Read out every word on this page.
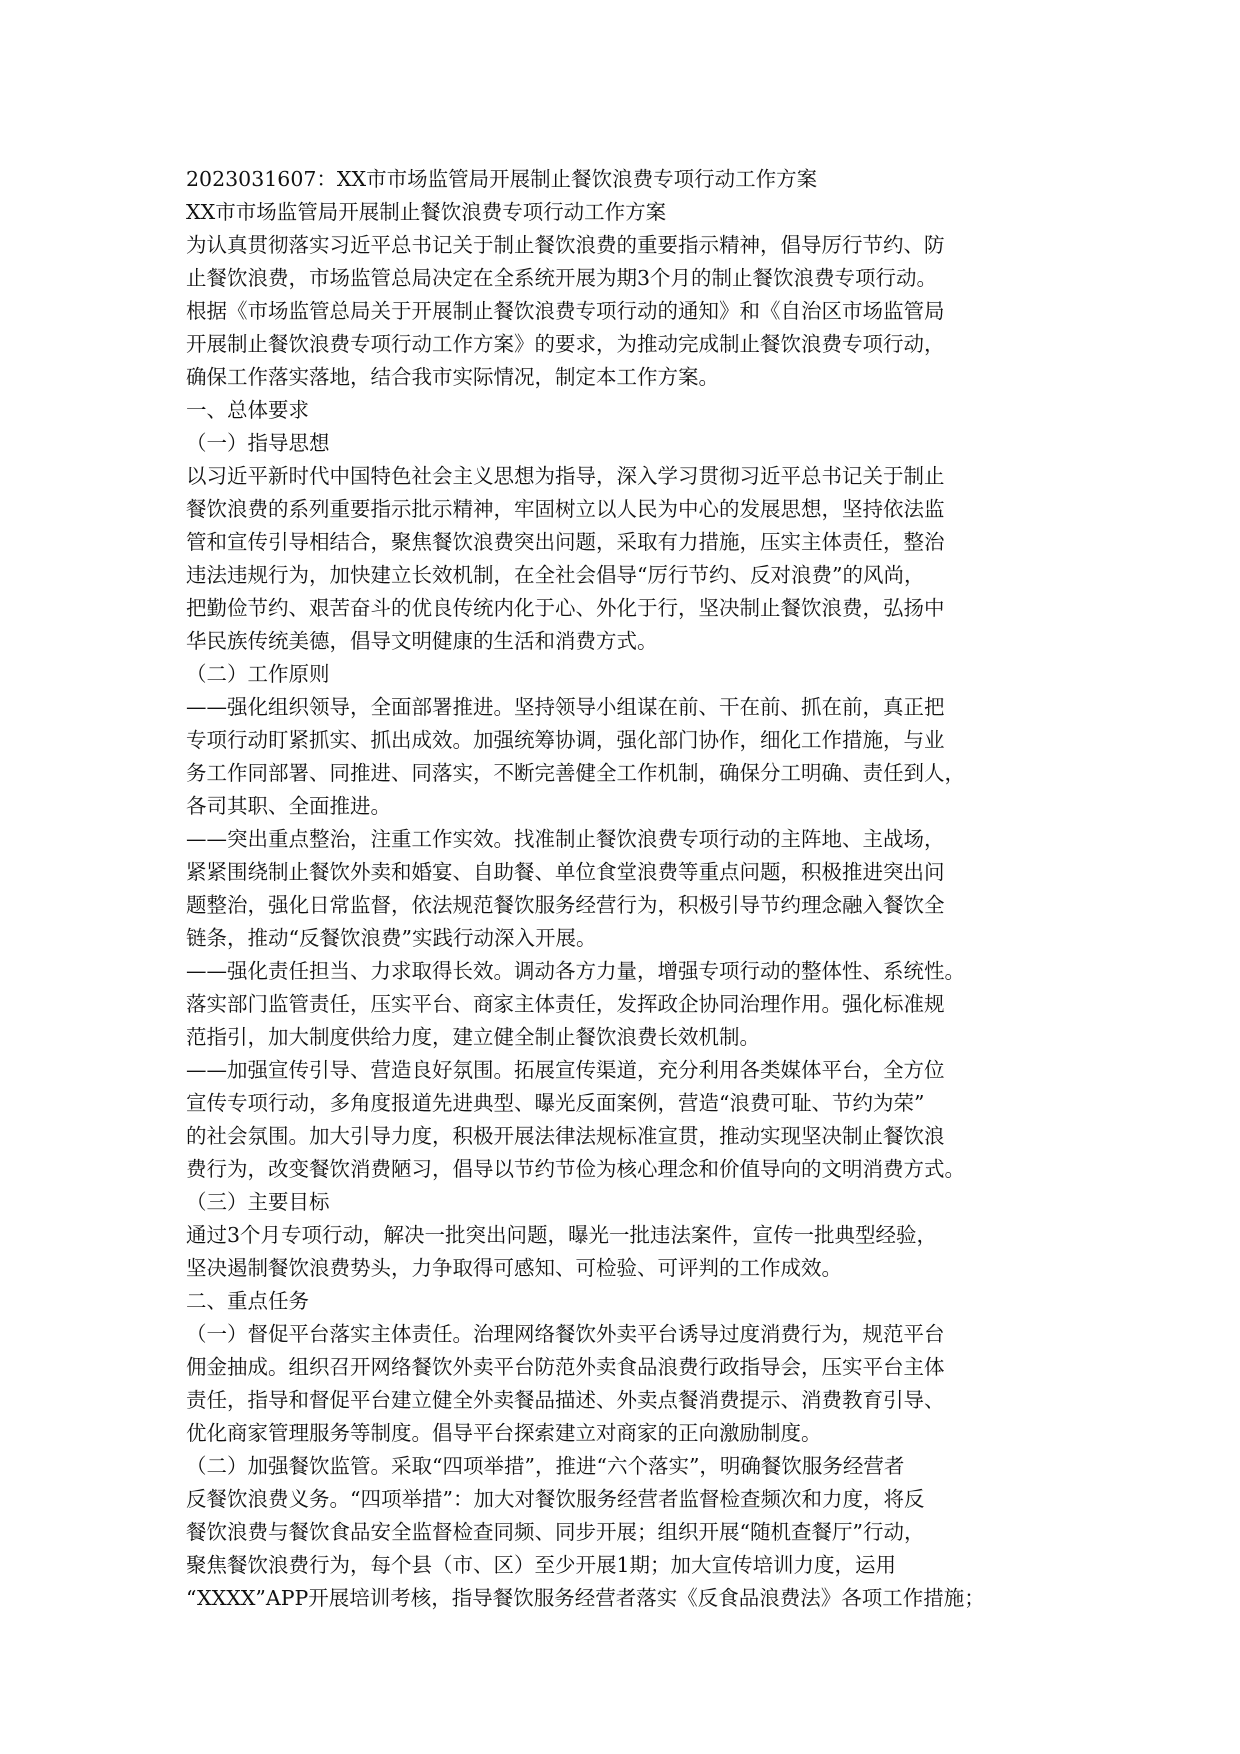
2023031607：XX市市场监管局开展制止餐饮浪费专项行动工作方案
XX市市场监管局开展制止餐饮浪费专项行动工作方案
为认真贯彻落实习近平总书记关于制止餐饮浪费的重要指示精神，倡导厉行节约、防
止餐饮浪费，市场监管总局决定在全系统开展为期3个月的制止餐饮浪费专项行动。
根据《市场监管总局关于开展制止餐饮浪费专项行动的通知》和《自治区市场监管局
开展制止餐饮浪费专项行动工作方案》的要求，为推动完成制止餐饮浪费专项行动，
确保工作落实落地，结合我市实际情况，制定本工作方案。
一、总体要求
（一）指导思想
以习近平新时代中国特色社会主义思想为指导，深入学习贯彻习近平总书记关于制止
餐饮浪费的系列重要指示批示精神，牢固树立以人民为中心的发展思想，坚持依法监
管和宣传引导相结合，聚焦餐饮浪费突出问题，采取有力措施，压实主体责任，整治
违法违规行为，加快建立长效机制，在全社会倡导“厉行节约、反对浪费”的风尚，
把勤俭节约、艰苦奋斗的优良传统内化于心、外化于行，坚决制止餐饮浪费，弘扬中
华民族传统美德，倡导文明健康的生活和消费方式。
（二）工作原则
——强化组织领导，全面部署推进。坚持领导小组谋在前、干在前、抓在前，真正把
专项行动盯紧抓实、抓出成效。加强统筹协调，强化部门协作，细化工作措施，与业
务工作同部署、同推进、同落实，不断完善健全工作机制，确保分工明确、责任到人，
各司其职、全面推进。
——突出重点整治，注重工作实效。找准制止餐饮浪费专项行动的主阵地、主战场，
紧紧围绕制止餐饮外卖和婚宴、自助餐、单位食堂浪费等重点问题，积极推进突出问
题整治，强化日常监督，依法规范餐饮服务经营行为，积极引导节约理念融入餐饮全
链条，推动“反餐饮浪费”实践行动深入开展。
——强化责任担当、力求取得长效。调动各方力量，增强专项行动的整体性、系统性。
落实部门监管责任，压实平台、商家主体责任，发挥政企协同治理作用。强化标准规
范指引，加大制度供给力度，建立健全制止餐饮浪费长效机制。
——加强宣传引导、营造良好氛围。拓展宣传渠道，充分利用各类媒体平台，全方位
宣传专项行动，多角度报道先进典型、曝光反面案例，营造“浪费可耻、节约为荣”
的社会氛围。加大引导力度，积极开展法律法规标准宣贯，推动实现坚决制止餐饮浪
费行为，改变餐饮消费陋习，倡导以节约节俭为核心理念和价值导向的文明消费方式。
（三）主要目标
通过3个月专项行动，解决一批突出问题，曝光一批违法案件，宣传一批典型经验，
坚决遏制餐饮浪费势头，力争取得可感知、可检验、可评判的工作成效。
二、重点任务
（一）督促平台落实主体责任。治理网络餐饮外卖平台诱导过度消费行为，规范平台
佣金抽成。组织召开网络餐饮外卖平台防范外卖食品浪费行政指导会，压实平台主体
责任，指导和督促平台建立健全外卖餐品描述、外卖点餐消费提示、消费教育引导、
优化商家管理服务等制度。倡导平台探索建立对商家的正向激励制度。
（二）加强餐饮监管。采取“四项举措”，推进“六个落实”，明确餐饮服务经营者
反餐饮浪费义务。“四项举措”：加大对餐饮服务经营者监督检查频次和力度，将反
餐饮浪费与餐饮食品安全监督检查同频、同步开展；组织开展“随机查餐厅”行动，
聚焦餐饮浪费行为，每个县（市、区）至少开展1期；加大宣传培训力度，运用
“XXXX”APP开展培训考核，指导餐饮服务经营者落实《反食品浪费法》各项工作措施；
